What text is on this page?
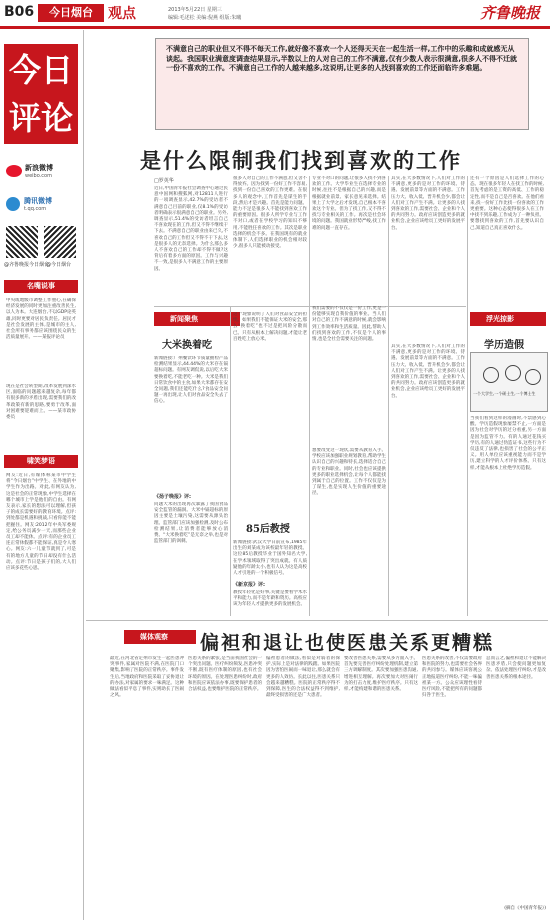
B06	今日烟台	观点	2013年5月22日 星期三
编辑:毛述松 美编:倪燕 组版:朱曦	齐鲁晚报
今日评论
新浪微博
weibo.com
腾讯微博
t.qq.com
@齐鲁晚报今日烟台
@今日烟台
名嘴说事
中央或地级市调整工作重心,在确保经济发展的同时更加注重改善民生,以人为本。大连烟台,不以GDP论英雄,同时更要对居民负责任。居民才是社会发展的主体,是城市的主人,社会所有事务都应该围绕民众的生活质量展开。——某报评论员
现在是社会转型期,改革发展到深水区,面临的问题越来越复杂,每年都有很多新的矛盾出现,需要我们的改革政策有新的思路,要勇于改革,面对困难要迎难而上。——某市政协委员
啸笑梦语
网友:近日,有媒体称某市中学生将“今日烟台”中学生、在外地的中学生作为出路。对此,有网友认为,这是社会的正常现象,中学生选择在哪个城市上学是他们的自由。有网友表示,家长的想法可以理解,但孩子的成长需要好的教育环境。点评:到处都是机遇和挑战,只看你能不能把握住。网友:2012年中央军委规定,给公务员减少一天,而那些企业员工却不能休。点评:有的企业员工连正常休假都不能保证,真是令人寒心。网友:六一儿童节就到了,可是有的地方儿童的节日却没有什么活动。点评:节日是孩子们的,大人们应该多花些心思。
不满意自己的职业但又不得不每天工作,就好像不喜欢一个人还得天天在一起生活一样,工作中的乐趣和成就感无从谈起。我国职业满意度调查结果显示,半数以上的人对自己的工作不满意,仅有少数人表示很满意,很多人不得不迁就一份不喜欢的工作。不满意自己工作的人越来越多,这说明,让更多的人找到喜欢的工作还面临许多难题。
是什么限制我们找到喜欢的工作
□罗英华
近日,中国青年报社会调查中心通过民意中国网和搜狐网,对12811人进行的一项调查显示,42.7%的受访者不满意自己目前的职业,仅8.1%的受访者明确表示很满意自己的职业。另外,调查显示,51.4%的受访者坦言自己不喜欢现在的工作,但又不得不继续干下去。不满意自己的职业由来已久,不喜欢自己的工作但又不得不干下去,这是很多人的无奈选择。为什么那么多人不喜欢自己的工作却不得不做?这背后有着多方面的原因。工作与兴趣不一致,是很多人不满意工作的主要原因。
很多人对自己的工作不满意,但又舍不得放弃。因为找到一份好工作不容易,找到一份自己喜欢的工作更难。在很多人的观念中,工作首先是谋生的手段,然后才是兴趣。首先是能力问题。能力不足是很多人不能找到喜欢工作的重要原因。很多人所学专业与工作不对口,或者在学校学习的知识不够用,不能胜任喜欢的工作。其次是职业选择的机会不多。在我国现有的就业体制下,人们选择职业的机会相对较少,很多人只能被动接受。
专业不对口的问题,让很多人找不到喜欢的工作。大学毕业生在选择专业的时候,往往不是根据自己的兴趣,而是根据就业前景、家长意见来选择。结果上了大学之后才发现,自己根本不喜欢这个专业。但为了找工作,又不得不找与专业相关的工作。再次是社会环境的问题。我国就业形势严峻,找工作难的问题一直存在。
其实,在大多数情况下,人们对工作的不满意,更多的是对工作的环境、待遇、发展前景等方面的不满意。工作压力大、收入低、晋升机会少,都会让人们对工作产生不满。让更多的人找到喜欢的工作,需要社会、企业和个人的共同努力。政府应该创造更多的就业机会,企业应该给员工更好的发展平台。
还有一个原因是人们选择工作的心态。现在很多年轻人在找工作的时候,首先考虑的是工资的高低、工作的稳定性,而不是自己是否喜欢。在他们看来,找一份好工作比找一份喜欢的工作更重要。这种心态使得很多人在工作中找不到乐趣,工作成为了一种负担。要想找到喜欢的工作,首先要认识自己,知道自己真正喜欢什么。
新闻聚焦
大米换着吃
新闻链接:广州餐饮环节质量抽检产品检测结果显示,44.44%的大米存在镉超标问题。有网友调侃说,以后吃大米要换着吃,不能老吃一种。大米是我们日常饮食中的主食,如果大米都存在安全问题,我们还能吃什么?食品安全问题一再出现,让人们对食品安全失去了信心。
《扬子晚报》评:
问题大米的出现再次暴露了我国食品安全监管的漏洞。大米中镉超标的原因主要是土壤污染,这需要从源头治理。监管部门应该加强检测,及时公布检测结果,让消费者能够放心消费。“大米换着吃”是无奈之举,也是对监管部门的讽刺。
这个现象说明了人们对食品安全的担忧。如果我们不能保证大米的安全,那么“换着吃”也不过是把风险分散而已。只有从根本上解决问题,才能让老百姓吃上放心米。
85后教授
新闻链接:武汉大学日前宣布,1985年出生的刘某成为该校最年轻的教授。这位85后教授毕业于国外知名大学,在学术领域取得了突出成就。有人质疑他的年龄太小,也有人认为这是高校人才引进的一个积极信号。
《新京报》评:
教授年轻化是好事,关键是要看学术水平和能力,而不是年龄和资历。高校应该为年轻人才提供更多的发展机会。
我们需要的不仅仅是一份工作,更是一份能够实现自我价值的事业。当人们对自己的工作不满意的时候,就会影响到工作效率和生活质量。因此,帮助人们找到喜欢的工作,不仅是个人的事情,也是全社会需要关注的问题。
想要改变这一现状,需要从教育入手。学校应该加强职业规划教育,帮助学生认识自己的兴趣和特长,选择适合自己的专业和职业。同时,社会也应该提供更多的职业选择机会,让每个人都能找到属于自己的位置。工作不仅仅是为了谋生,也是实现人生价值的重要途径。
其实,在大多数情况下,人们对工作的不满意,更多的是对工作的环境、待遇、发展前景等方面的不满意。工作压力大、收入低、晋升机会少,都会让人们对工作产生不满。让更多的人找到喜欢的工作,需要社会、企业和个人的共同努力。政府应该创造更多的就业机会,企业应该给员工更好的发展平台。
浮光掠影
学历造假
一个大学生,一个硕士生,一个博士生
当我们看到这样的漫画时,不禁感到心酸。学历造假现象屡禁不止,一方面是因为社会对学历的过分看重,另一方面是因为监管不力。有的人通过花钱买学历,有的人通过伪造证书,这些行为不仅违反了法律,也损害了社会的公平正义。用人单位应该重视能力而不是学历,建立科学的人才评价体系。只有这样,才能从根本上杜绝学历造假。
媒体观察	偏袒和退让也使医患关系更糟糕
最近,在河北省定州市发生一起医患冲突事件,家属对医院不满,在医院门口聚集,影响了医院的正常秩序。事件发生后,当地政府和医院采取了妥协退让的办法,对家属的要求一味满足。这种做法看似平息了事件,实则助长了医闹之风。
医患关系的紧张,是当前我国社会的一个突出问题。医疗纠纷频发,医患冲突不断,既有医疗体制的原因,也有社会环境的原因。在处理医患纠纷时,政府和医院应该依法办事,既要保护患者的合法权益,也要维护医院的正常秩序。
偏袒患者的做法,看似是对弱者的保护,实际上是对法律的践踏。如果医院因为害怕医闹而一味退让,那么就会有更多的人效仿。长此以往,医患关系只会越来越糟糕。医院的正常秩序得不到保障,医生的合法权益得不到维护,最终受损害的还是广大患者。
要改善医患关系,需要从多方面入手。首先要完善医疗纠纷处理机制,建立第三方调解制度。其次要加强医患沟通,增进相互理解。再次要加大对医闹行为的打击力度,维护医疗秩序。只有这样,才能构建和谐的医患关系。
医患关系的改善,不仅需要政府和医院的努力,也需要社会各界的共同参与。媒体应该客观公正地报道医疗纠纷,不能一味偏袒某一方。公众应该理性看待医疗风险,不能把所有的问题都归咎于医生。
总而言之,偏袒和退让不能解决医患矛盾,只会使问题更加复杂。依法处理医疗纠纷,才是改善医患关系的根本途径。
(摘自《中国青年报》)
